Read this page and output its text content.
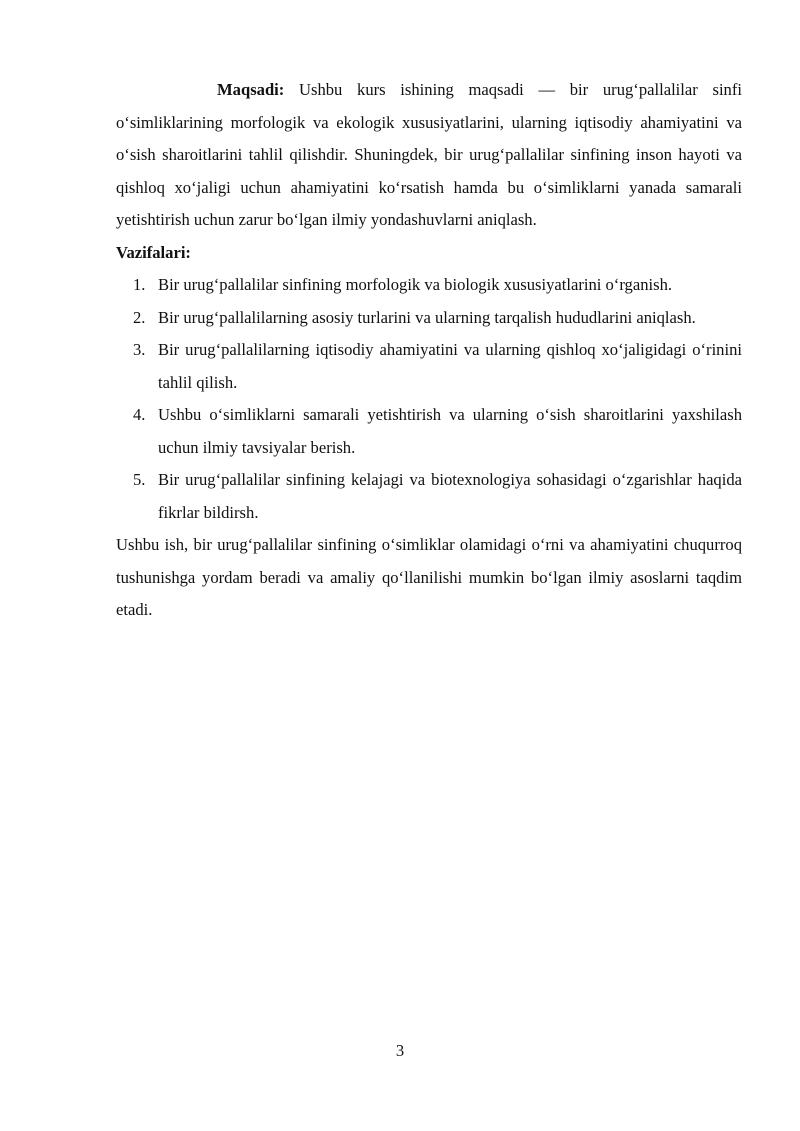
Maqsadi: Ushbu kurs ishining maqsadi — bir urug‘pallalilar sinfi o‘simliklarining morfologik va ekologik xususiyatlarini, ularning iqtisodiy ahamiyatini va o‘sish sharoitlarini tahlil qilishdir. Shuningdek, bir urug‘pallalilar sinfining inson hayoti va qishloq xo‘jaligi uchun ahamiyatini ko‘rsatish hamda bu o‘simliklarni yanada samarali yetishtirish uchun zarur bo‘lgan ilmiy yondashuvlarni aniqlash.

Vazifalari:

1. Bir urug‘pallalilar sinfining morfologik va biologik xususiyatlarini o‘rganish.
2. Bir urug‘pallalilarning asosiy turlarini va ularning tarqalish hududlarini aniqlash.
3. Bir urug‘pallalilarning iqtisodiy ahamiyatini va ularning qishloq xo‘jaligidagi o‘rinini tahlil qilish.
4. Ushbu o‘simliklarni samarali yetishtirish va ularning o‘sish sharoitlarini yaxshilash uchun ilmiy tavsiyalar berish.
5. Bir urug‘pallalilar sinfining kelajagi va biotexnologiya sohasidagi o‘zgarishlar haqida fikrlar bildirsh.

Ushbu ish, bir urug‘pallalilar sinfining o‘simliklar olamidagi o‘rni va ahamiyatini chuqurroq tushunishga yordam beradi va amaliy qo‘llanilishi mumkin bo‘lgan ilmiy asoslarni taqdim etadi.

3
